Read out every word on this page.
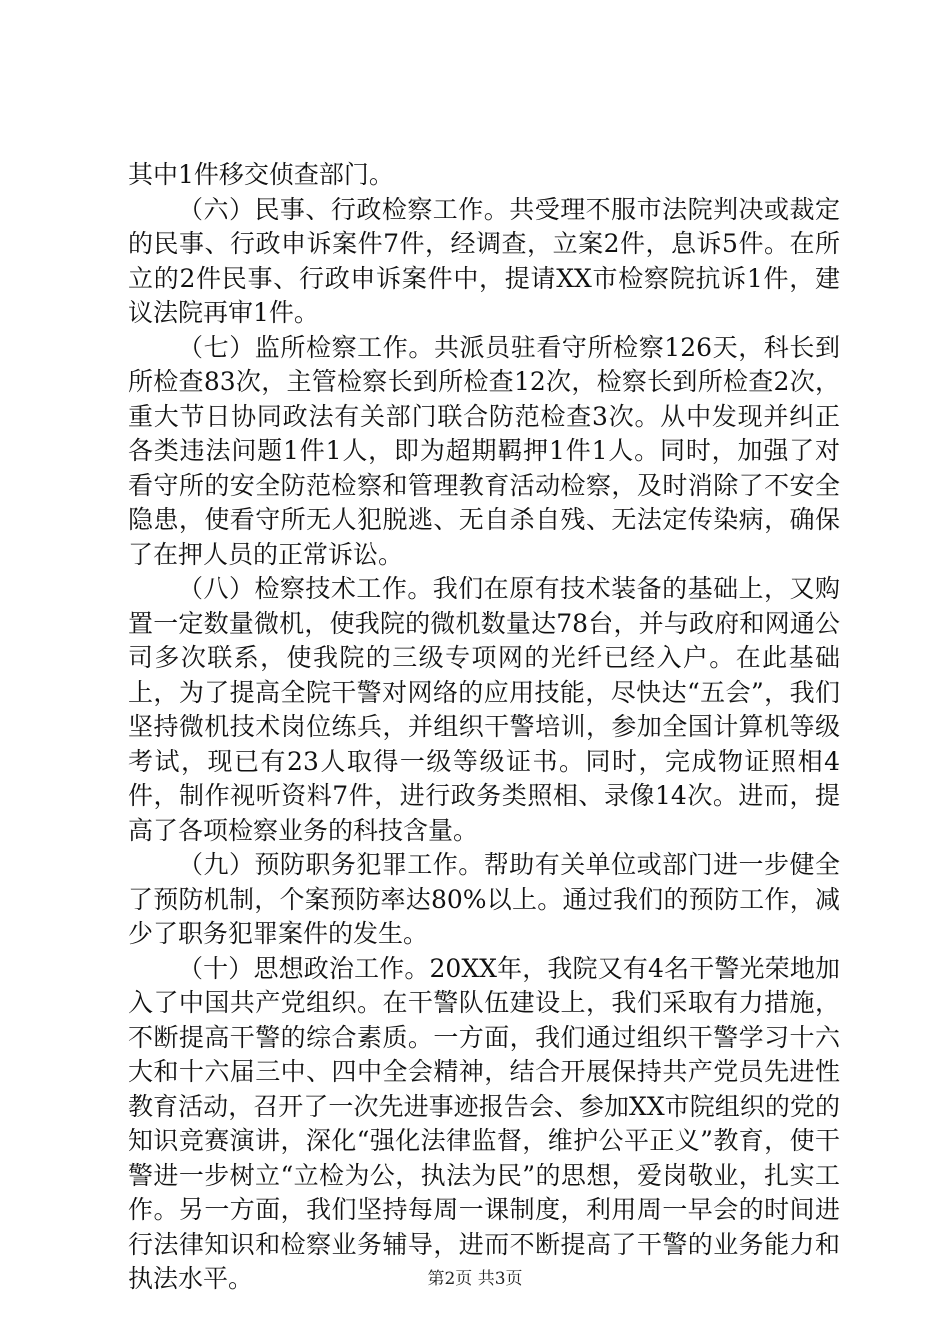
其中1件移交侦查部门。

（六）民事、行政检察工作。共受理不服市法院判决或裁定的民事、行政申诉案件7件，经调查，立案2件，息诉5件。在所立的2件民事、行政申诉案件中，提请XX市检察院抗诉1件，建议法院再审1件。

（七）监所检察工作。共派员驻看守所检察126天，科长到所检查83次，主管检察长到所检查12次，检察长到所检查2次，重大节日协同政法有关部门联合防范检查3次。从中发现并纠正各类违法问题1件1人，即为超期羁押1件1人。同时，加强了对看守所的安全防范检察和管理教育活动检察，及时消除了不安全隐患，使看守所无人犯脱逃、无自杀自残、无法定传染病，确保了在押人员的正常诉讼。

（八）检察技术工作。我们在原有技术装备的基础上，又购置一定数量微机，使我院的微机数量达78台，并与政府和网通公司多次联系，使我院的三级专项网的光纤已经入户。在此基础上，为了提高全院干警对网络的应用技能，尽快达“五会”，我们坚持微机技术岗位练兵，并组织干警培训，参加全国计算机等级考试，现已有23人取得一级等级证书。同时，完成物证照相4件，制作视听资料7件，进行政务类照相、录像14次。进而，提高了各项检察业务的科技含量。

（九）预防职务犯罪工作。帮助有关单位或部门进一步健全了预防机制，个案预防率达80%以上。通过我们的预防工作，减少了职务犯罪案件的发生。

（十）思想政治工作。20XX年，我院又有4名干警光荣地加入了中国共产党组织。在干警队伍建设上，我们采取有力措施，不断提高干警的综合素质。一方面，我们通过组织干警学习十六大和十六届三中、四中全会精神，结合开展保持共产党员先进性教育活动，召开了一次先进事迹报告会、参加XX市院组织的党的知识竞赛演讲，深化“强化法律监督，维护公平正义”教育，使干警进一步树立“立检为公，执法为民”的思想，爱岗敬业，扎实工作。另一方面，我们坚持每周一课制度，利用周一早会的时间进行法律知识和检察业务辅导，进而不断提高了干警的业务能力和执法水平。	第2页 共3页
